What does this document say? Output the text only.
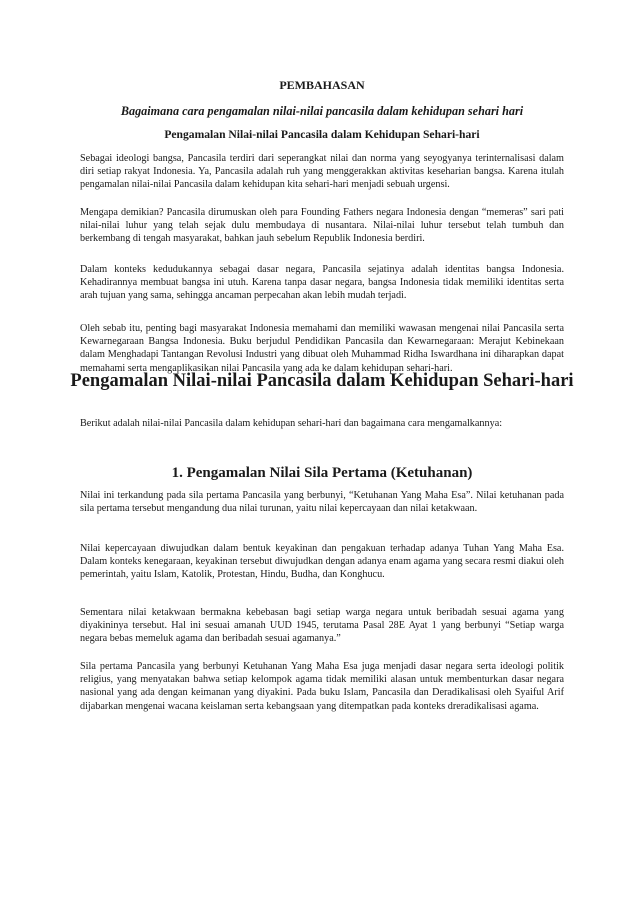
PEMBAHASAN
Bagaimana cara pengamalan nilai-nilai pancasila dalam kehidupan sehari hari
Pengamalan Nilai-nilai Pancasila dalam Kehidupan Sehari-hari

Sebagai ideologi bangsa, Pancasila terdiri dari seperangkat nilai dan norma yang seyogyanya terinternalisasi dalam diri setiap rakyat Indonesia. Ya, Pancasila adalah ruh yang menggerakkan aktivitas keseharian bangsa. Karena itulah pengamalan nilai-nilai Pancasila dalam kehidupan kita sehari-hari menjadi sebuah urgensi.

Mengapa demikian? Pancasila dirumuskan oleh para Founding Fathers negara Indonesia dengan “memeras” sari pati nilai-nilai luhur yang telah sejak dulu membudaya di nusantara. Nilai-nilai luhur tersebut telah tumbuh dan berkembang di tengah masyarakat, bahkan jauh sebelum Republik Indonesia berdiri.

Dalam konteks kedudukannya sebagai dasar negara, Pancasila sejatinya adalah identitas bangsa Indonesia. Kehadirannya membuat bangsa ini utuh. Karena tanpa dasar negara, bangsa Indonesia tidak memiliki identitas serta arah tujuan yang sama, sehingga ancaman perpecahan akan lebih mudah terjadi.

Oleh sebab itu, penting bagi masyarakat Indonesia memahami dan memiliki wawasan mengenai nilai Pancasila serta Kewarnegaraan Bangsa Indonesia. Buku berjudul Pendidikan Pancasila dan Kewarnegaraan: Merajut Kebinekaan dalam Menghadapi Tantangan Revolusi Industri yang dibuat oleh Muhammad Ridha Iswardhana ini diharapkan dapat memahami serta mengaplikasikan nilai Pancasila yang ada ke dalam kehidupan sehari-hari.

Pengamalan Nilai-nilai Pancasila dalam Kehidupan Sehari-hari

Berikut adalah nilai-nilai Pancasila dalam kehidupan sehari-hari dan bagaimana cara mengamalkannya:

1. Pengamalan Nilai Sila Pertama (Ketuhanan)

Nilai ini terkandung pada sila pertama Pancasila yang berbunyi, “Ketuhanan Yang Maha Esa”. Nilai ketuhanan pada sila pertama tersebut mengandung dua nilai turunan, yaitu nilai kepercayaan dan nilai ketakwaan.

Nilai kepercayaan diwujudkan dalam bentuk keyakinan dan pengakuan terhadap adanya Tuhan Yang Maha Esa. Dalam konteks kenegaraan, keyakinan tersebut diwujudkan dengan adanya enam agama yang secara resmi diakui oleh pemerintah, yaitu Islam, Katolik, Protestan, Hindu, Budha, dan Konghucu.

Sementara nilai ketakwaan bermakna kebebasan bagi setiap warga negara untuk beribadah sesuai agama yang diyakininya tersebut. Hal ini sesuai amanah UUD 1945, terutama Pasal 28E Ayat 1 yang berbunyi “Setiap warga negara bebas memeluk agama dan beribadah sesuai agamanya.”

Sila pertama Pancasila yang berbunyi Ketuhanan Yang Maha Esa juga menjadi dasar negara serta ideologi politik religius, yang menyatakan bahwa setiap kelompok agama tidak memiliki alasan untuk membenturkan dasar negara nasional yang ada dengan keimanan yang diyakini. Pada buku Islam, Pancasila dan Deradikalisasi oleh Syaiful Arif dijabarkan mengenai wacana keislaman serta kebangsaan yang ditempatkan pada konteks dreradikalisasi agama.
